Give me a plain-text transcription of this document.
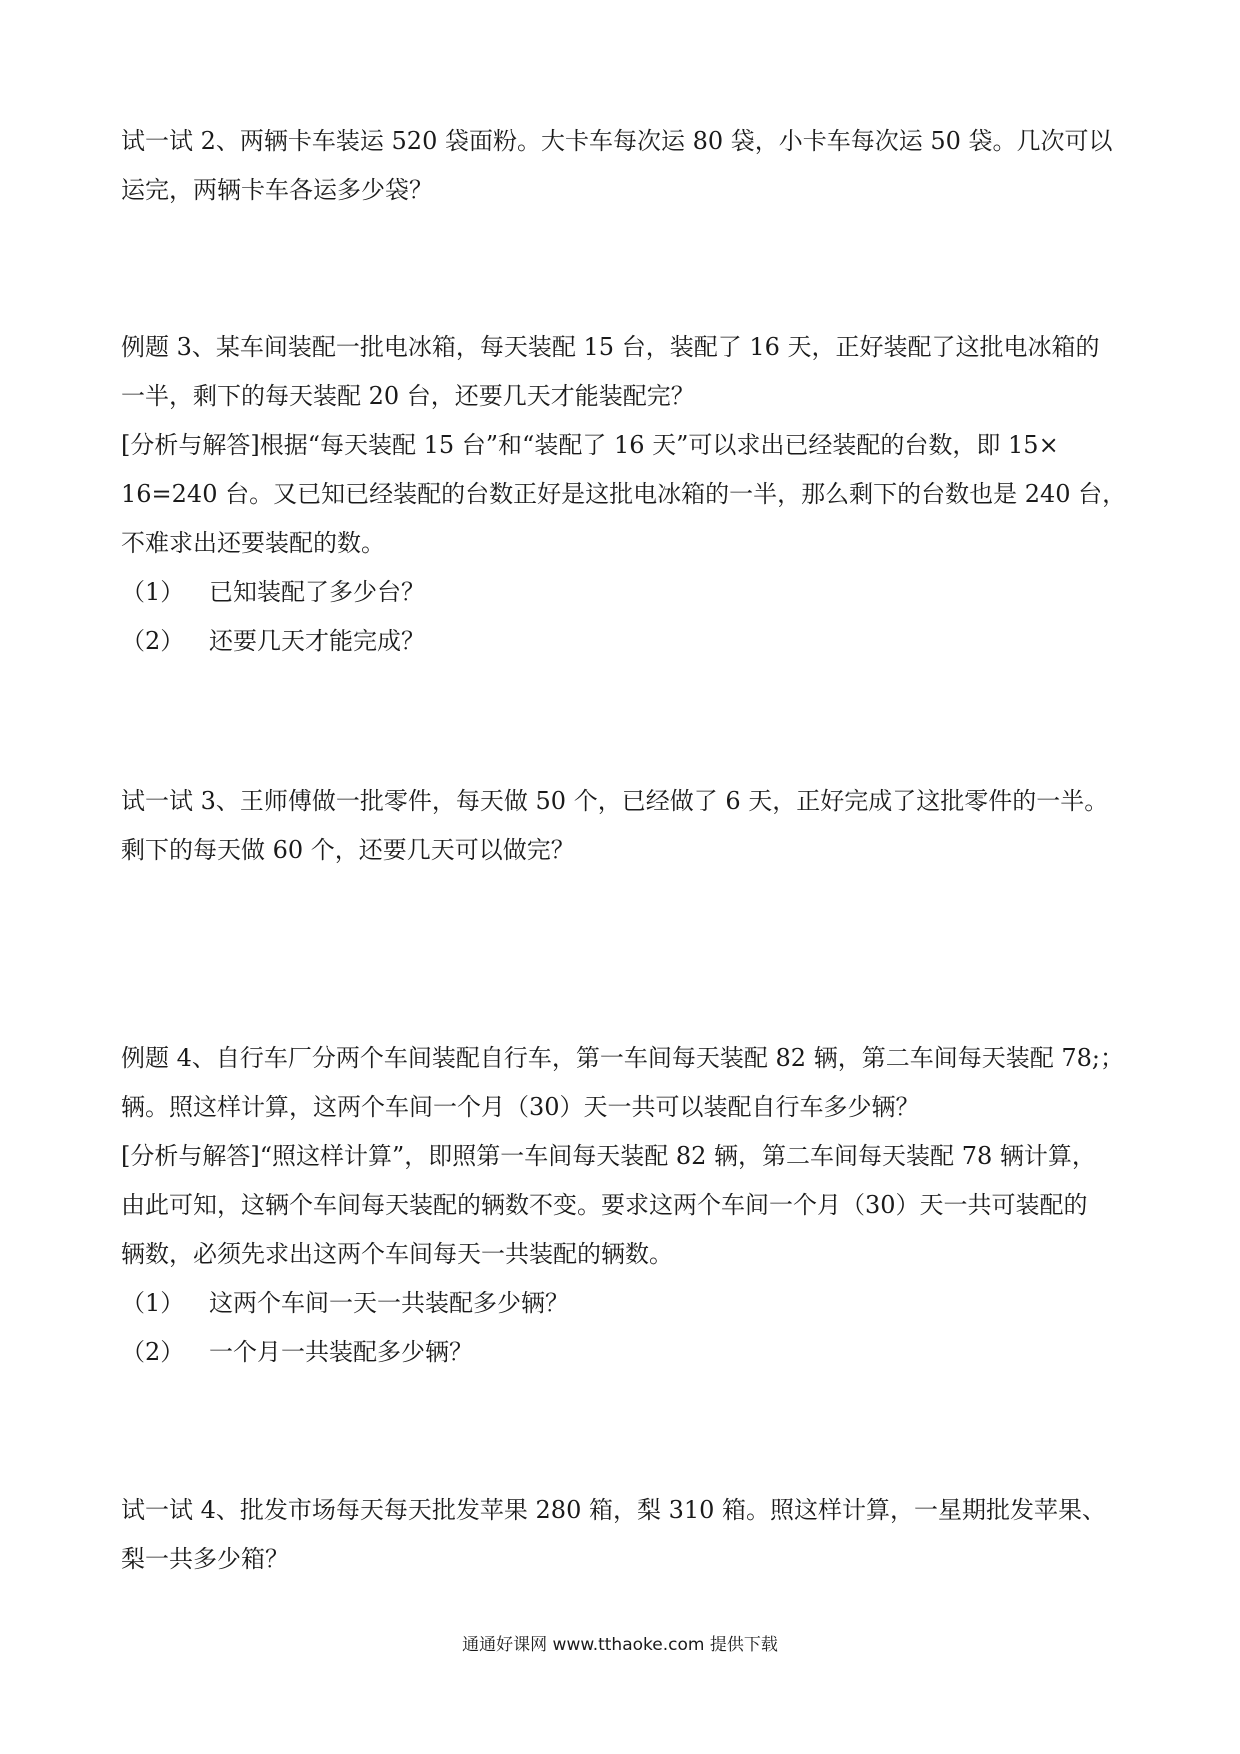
试一试 2、两辆卡车装运 520 袋面粉。大卡车每次运 80 袋，小卡车每次运 50 袋。几次可以
运完，两辆卡车各运多少袋？
例题 3、某车间装配一批电冰箱，每天装配 15 台，装配了 16 天，正好装配了这批电冰箱的
一半，剩下的每天装配 20 台，还要几天才能装配完？
[分析与解答]根据“每天装配 15 台”和“装配了 16 天”可以求出已经装配的台数，即 15×
16=240 台。又已知已经装配的台数正好是这批电冰箱的一半，那么剩下的台数也是 240 台，
不难求出还要装配的数。
（1） 已知装配了多少台？
（2） 还要几天才能完成？
试一试 3、王师傅做一批零件，每天做 50 个，已经做了 6 天，正好完成了这批零件的一半。
剩下的每天做 60 个，还要几天可以做完？
例题 4、自行车厂分两个车间装配自行车，第一车间每天装配 82 辆，第二车间每天装配 78;；
辆。照这样计算，这两个车间一个月（30）天一共可以装配自行车多少辆？
[分析与解答]“照这样计算”，即照第一车间每天装配 82 辆，第二车间每天装配 78 辆计算，
由此可知，这辆个车间每天装配的辆数不变。要求这两个车间一个月（30）天一共可装配的
辆数，必须先求出这两个车间每天一共装配的辆数。
（1） 这两个车间一天一共装配多少辆？
（2） 一个月一共装配多少辆？
试一试 4、批发市场每天每天批发苹果 280 箱，梨 310 箱。照这样计算，一星期批发苹果、
梨一共多少箱？
通通好课网 www.tthaoke.com 提供下载
